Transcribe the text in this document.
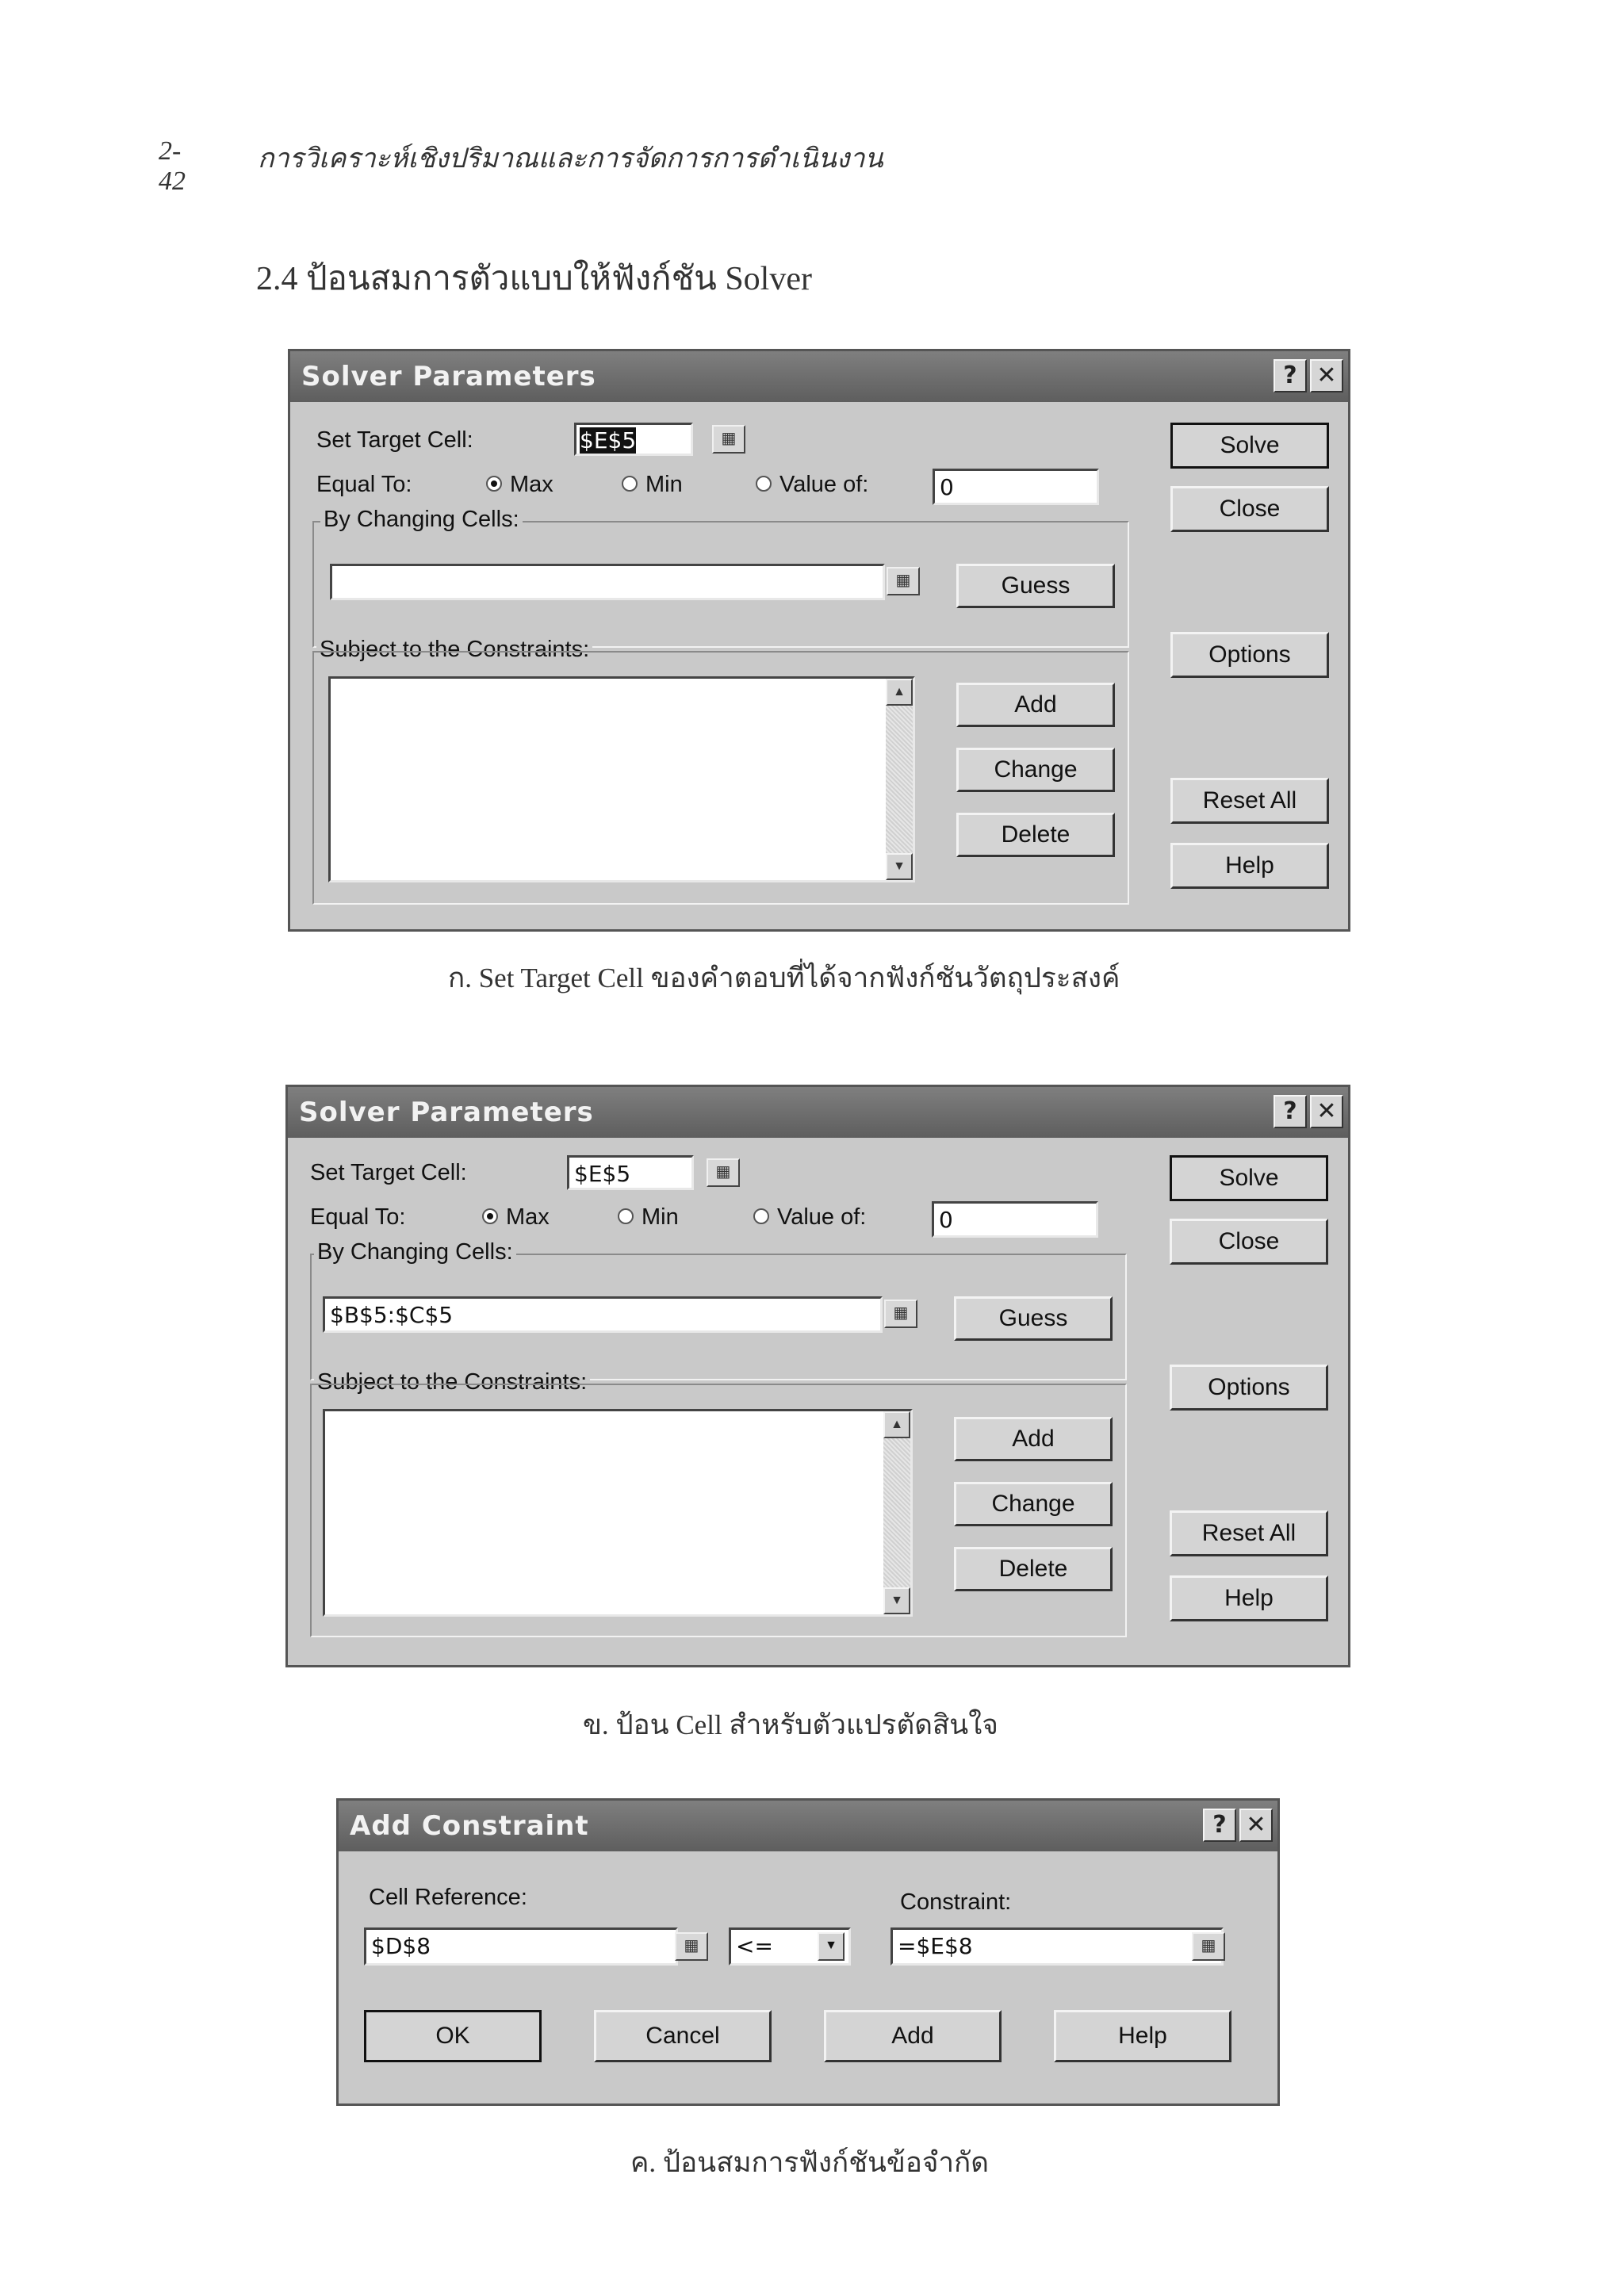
2-42
การวิเคราะห์เชิงปริมาณและการจัดการการดำเนินงาน
2.4 ป้อนสมการตัวแบบให้ฟังก์ชัน Solver
Solver Parameters	? ✕
Set Target Cell:	$E$5	▦
Equal To:	Max	Min	Value of:	0
By Changing Cells:
▦
Subject to the Constraints:
▲
▼
Guess
Add
Change
Delete
Solve
Close
Options
Reset All
Help
ก. Set Target Cell ของคำตอบที่ได้จากฟังก์ชันวัตถุประสงค์
Solver Parameters	? ✕
Set Target Cell:	$E$5	▦
Equal To:	Max	Min	Value of:	0
By Changing Cells:
$B$5:$C$5	▦
Subject to the Constraints:
▲
▼
Guess
Add
Change
Delete
Solve
Close
Options
Reset All
Help
ข. ป้อน Cell สำหรับตัวแปรตัดสินใจ
Add Constraint	? ✕
Cell Reference:
$D$8	▦	<=	▼
Constraint:
=$E$8	▦
OK	Cancel	Add	Help
ค. ป้อนสมการฟังก์ชันข้อจำกัด
